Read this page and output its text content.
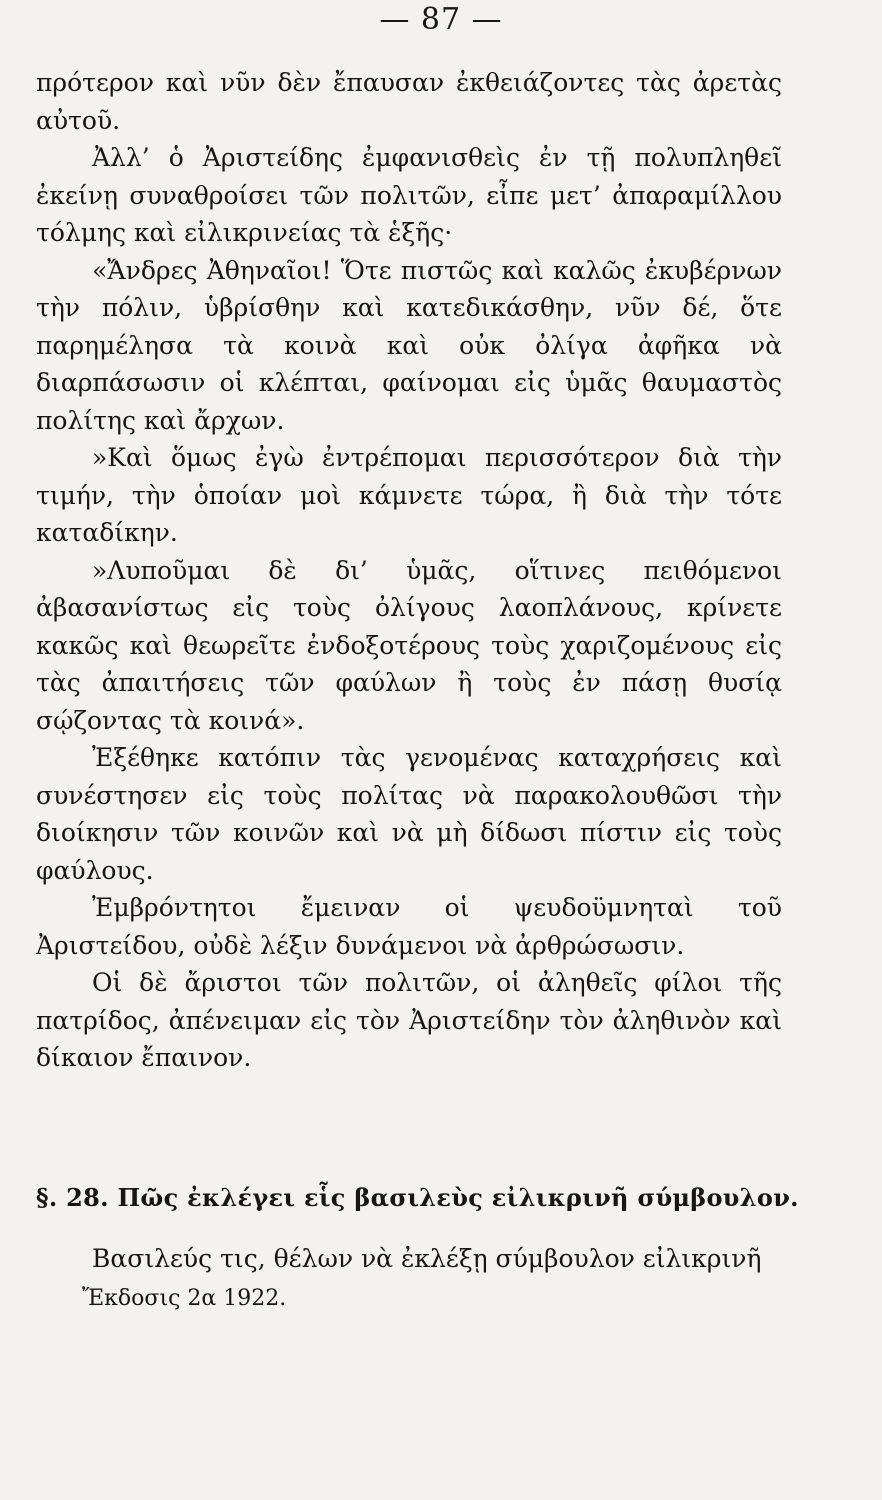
— 87 —

πρότερον καὶ νῦν δὲν ἔπαυσαν ἐκθειάζοντες τὰς ἀρετὰς αὐτοῦ.

Ἀλλ’ ὁ Ἀριστείδης ἐμφανισθεὶς ἐν τῇ πολυπληθεῖ ἐκείνῃ συναθροίσει τῶν πολιτῶν, εἶπε μετ’ ἀπαραμίλλου τόλμης καὶ εἰλικρινείας τὰ ἑξῆς·

«Ἄνδρες Ἀθηναῖοι! Ὅτε πιστῶς καὶ καλῶς ἐκυβέρνων τὴν πόλιν, ὑβρίσθην καὶ κατεδικάσθην, νῦν δέ, ὅτε παρημέλησα τὰ κοινὰ καὶ οὐκ ὀλίγα ἀφῆκα νὰ διαρπάσωσιν οἱ κλέπται, φαίνομαι εἰς ὑμᾶς θαυμαστὸς πολίτης καὶ ἄρχων.

»Καὶ ὅμως ἐγὼ ἐντρέπομαι περισσότερον διὰ τὴν τιμήν, τὴν ὁποίαν μοὶ κάμνετε τώρα, ἢ διὰ τὴν τότε καταδίκην.

»Λυποῦμαι δὲ δι’ ὑμᾶς, οἵτινες πειθόμενοι ἀβασανίστως εἰς τοὺς ὀλίγους λαοπλάνους, κρίνετε κακῶς καὶ θεωρεῖτε ἐνδοξοτέρους τοὺς χαριζομένους εἰς τὰς ἀπαιτήσεις τῶν φαύλων ἢ τοὺς ἐν πάσῃ θυσίᾳ σῴζοντας τὰ κοινά».

Ἐξέθηκε κατόπιν τὰς γενομένας καταχρήσεις καὶ συνέστησεν εἰς τοὺς πολίτας νὰ παρακολουθῶσι τὴν διοίκησιν τῶν κοινῶν καὶ νὰ μὴ δίδωσι πίστιν εἰς τοὺς φαύλους.

Ἐμβρόντητοι ἔμειναν οἱ ψευδοϋμνηταὶ τοῦ Ἀριστείδου, οὐδὲ λέξιν δυνάμενοι νὰ ἀρθρώσωσιν.

Οἱ δὲ ἄριστοι τῶν πολιτῶν, οἱ ἀληθεῖς φίλοι τῆς πατρίδος, ἀπένειμαν εἰς τὸν Ἀριστείδην τὸν ἀληθινὸν καὶ δίκαιον ἔπαινον.

§. 28. Πῶς ἐκλέγει εἷς βασιλεὺς εἰλικρινῆ σύμβουλον.
Βασιλεύς τις, θέλων νὰ ἐκλέξῃ σύμβουλον εἰλικρινῆ
Ἔκδοσις 2α 1922.
